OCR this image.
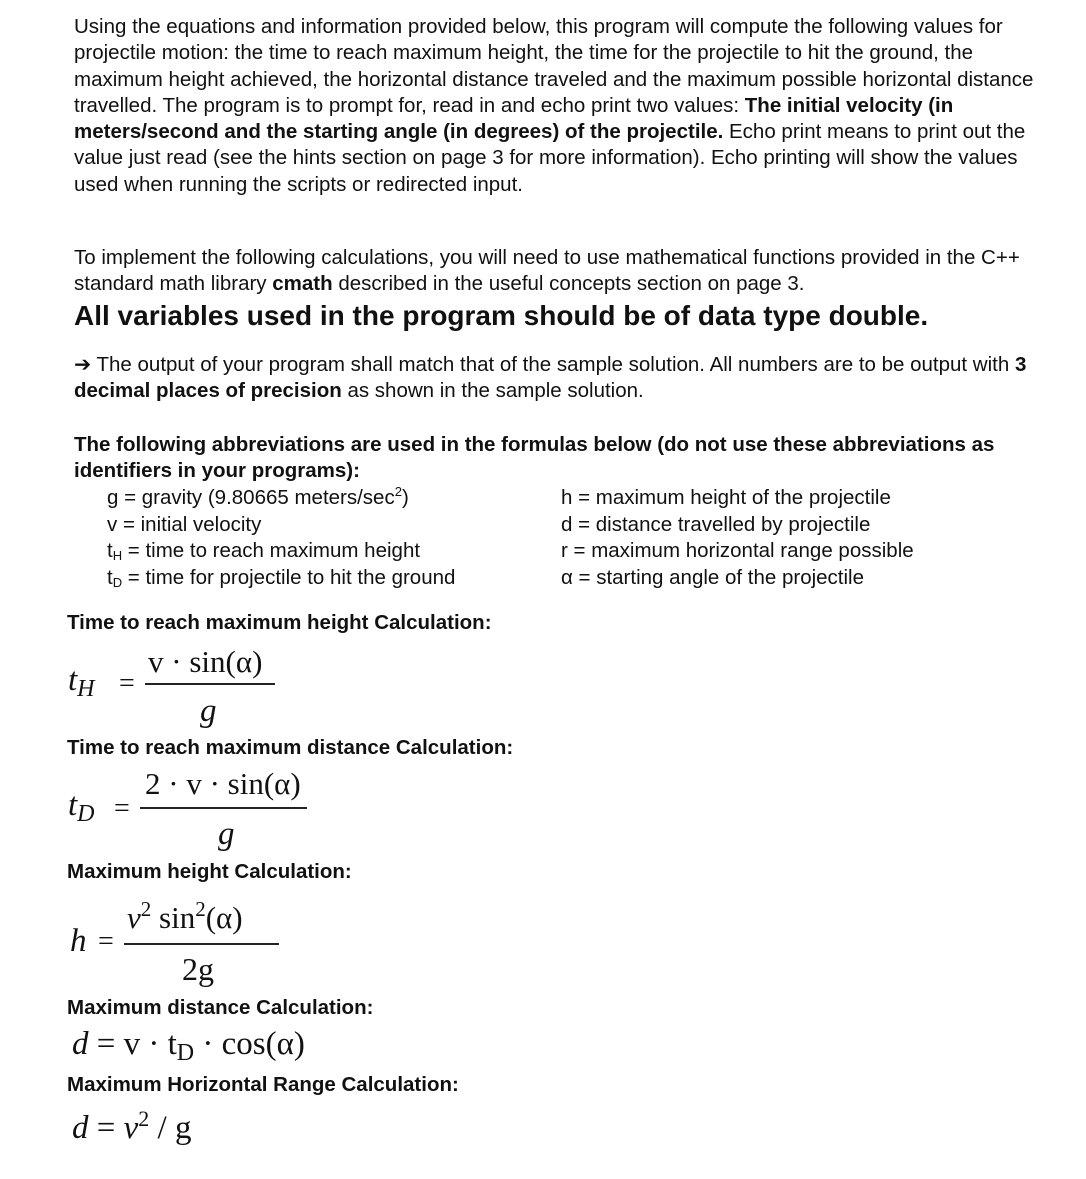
Using the equations and information provided below, this program will compute the following values for projectile motion: the time to reach maximum height, the time for the projectile to hit the ground, the maximum height achieved, the horizontal distance traveled and the maximum possible horizontal distance travelled. The program is to prompt for, read in and echo print two values: The initial velocity (in meters/second and the starting angle (in degrees) of the projectile. Echo print means to print out the value just read (see the hints section on page 3 for more information). Echo printing will show the values used when running the scripts or redirected input.
To implement the following calculations, you will need to use mathematical functions provided in the C++ standard math library cmath described in the useful concepts section on page 3.
All variables used in the program should be of data type double.
➔ The output of your program shall match that of the sample solution. All numbers are to be output with 3 decimal places of precision as shown in the sample solution.
The following abbreviations are used in the formulas below (do not use these abbreviations as identifiers in your programs):
g = gravity (9.80665 meters/$\sec^2$)
v = initial velocity
$t_H$ = time to reach maximum height
$t_D$ = time for projectile to hit the ground
h = maximum height of the projectile
d = distance travelled by projectile
r = maximum horizontal range possible
α = starting angle of the projectile
Time to reach maximum height Calculation:
$t_H$ =
v · sin(α)
g
Time to reach maximum distance Calculation:
$t_D$ =
2 · v · sin(α)
g
Maximum height Calculation:
h =
$v^2$ $\sin^2(\alpha)$
2g
Maximum distance Calculation:
$d = v \cdot t_D \cdot \cos(\alpha)$
Maximum Horizontal Range Calculation:
$d = v^2 / g$
